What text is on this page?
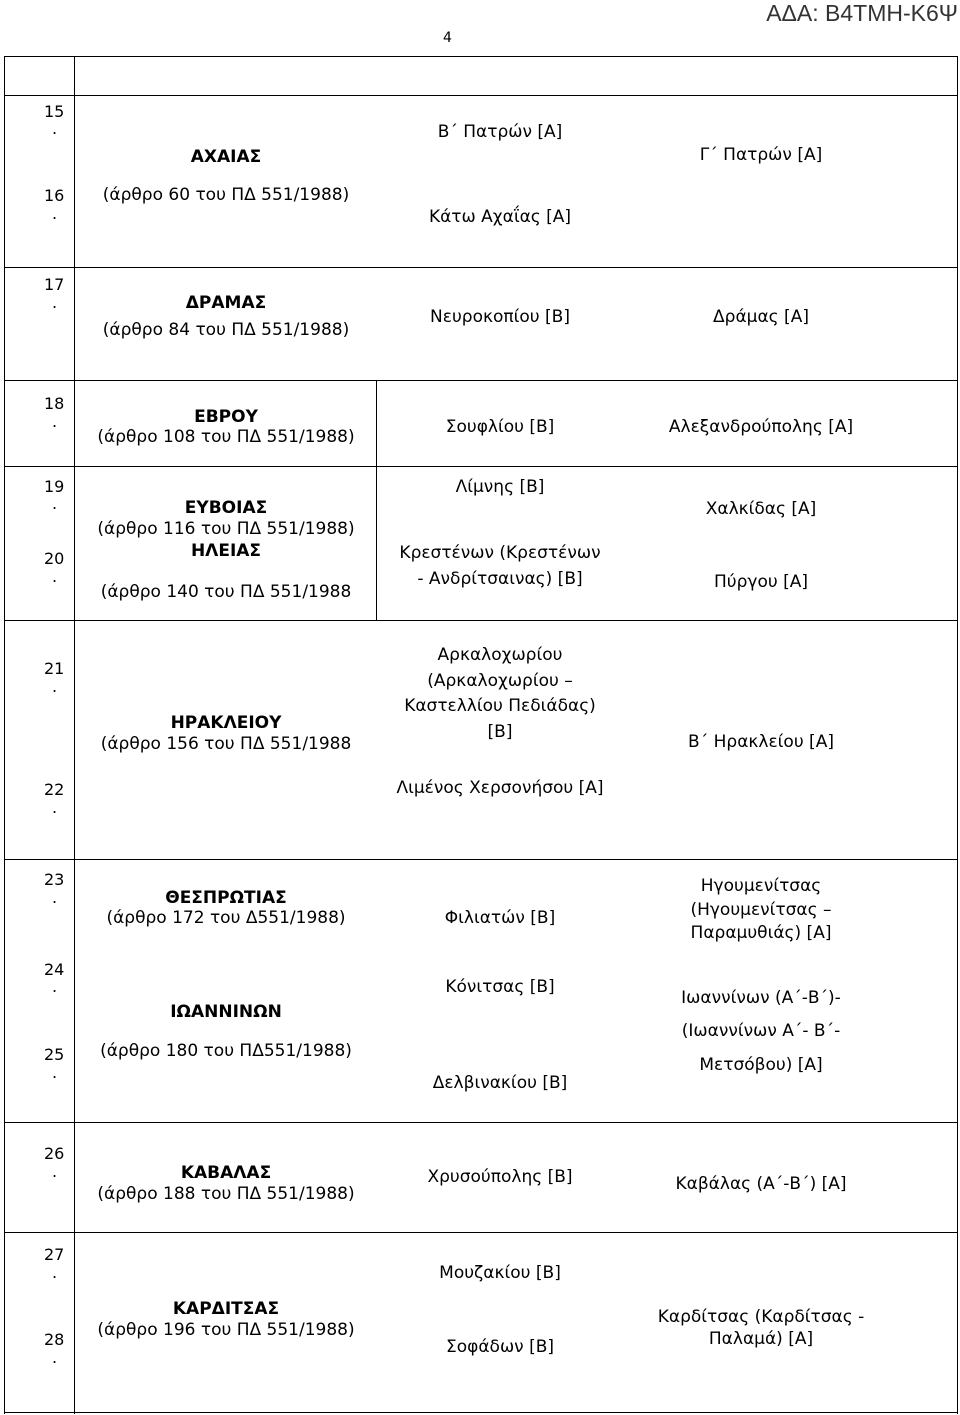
ΑΔΑ: Β4ΤΜΗ-Κ6Ψ
4
15
.
16
.
17
.
18
.
19
.
20
.
21
.
22
.
23
.
24
.
25
.
26
.
27
.
28
.
ΑΧΑΙΑΣ
(άρθρο 60 του ΠΔ 551/1988)
ΔΡΑΜΑΣ
(άρθρο 84 του ΠΔ 551/1988)
ΕΒΡΟΥ
(άρθρο 108 του ΠΔ 551/1988)
ΕΥΒΟΙΑΣ
(άρθρο 116 του ΠΔ 551/1988)
ΗΛΕΙΑΣ
(άρθρο 140 του ΠΔ 551/1988
ΗΡΑΚΛΕΙΟΥ
(άρθρο 156 του ΠΔ 551/1988
ΘΕΣΠΡΩΤΙΑΣ
(άρθρο 172 του Δ551/1988)
ΙΩΑΝΝΙΝΩΝ
(άρθρο 180 του ΠΔ551/1988)
ΚΑΒΑΛΑΣ
(άρθρο 188 του ΠΔ 551/1988)
ΚΑΡΔΙΤΣΑΣ
(άρθρο 196 του ΠΔ 551/1988)
Β΄ Πατρών [Α]
Κάτω Αχαΐας [Α]
Νευροκοπίου [Β]
Σουφλίου [Β]
Λίμνης [Β]
Κρεστένων (Κρεστένων
- Ανδρίτσαινας) [Β]
Αρκαλοχωρίου
(Αρκαλοχωρίου –
Καστελλίου Πεδιάδας)
[Β]
Λιμένος Χερσονήσου [Α]
Φιλιατών [Β]
Κόνιτσας [Β]
Δελβινακίου [Β]
Χρυσούπολης [Β]
Μουζακίου [Β]
Σοφάδων [Β]
Γ΄ Πατρών [Α]
Δράμας [Α]
Αλεξανδρούπολης [Α]
Χαλκίδας [Α]
Πύργου [Α]
Β΄ Ηρακλείου [Α]
Ηγουμενίτσας
(Ηγουμενίτσας –
Παραμυθιάς) [Α]
Ιωαννίνων (Α΄-Β΄)-
(Ιωαννίνων Α΄- Β΄-
Μετσόβου) [Α]
Καβάλας (Α΄-Β΄) [Α]
Καρδίτσας (Καρδίτσας -
Παλαμά) [Α]
